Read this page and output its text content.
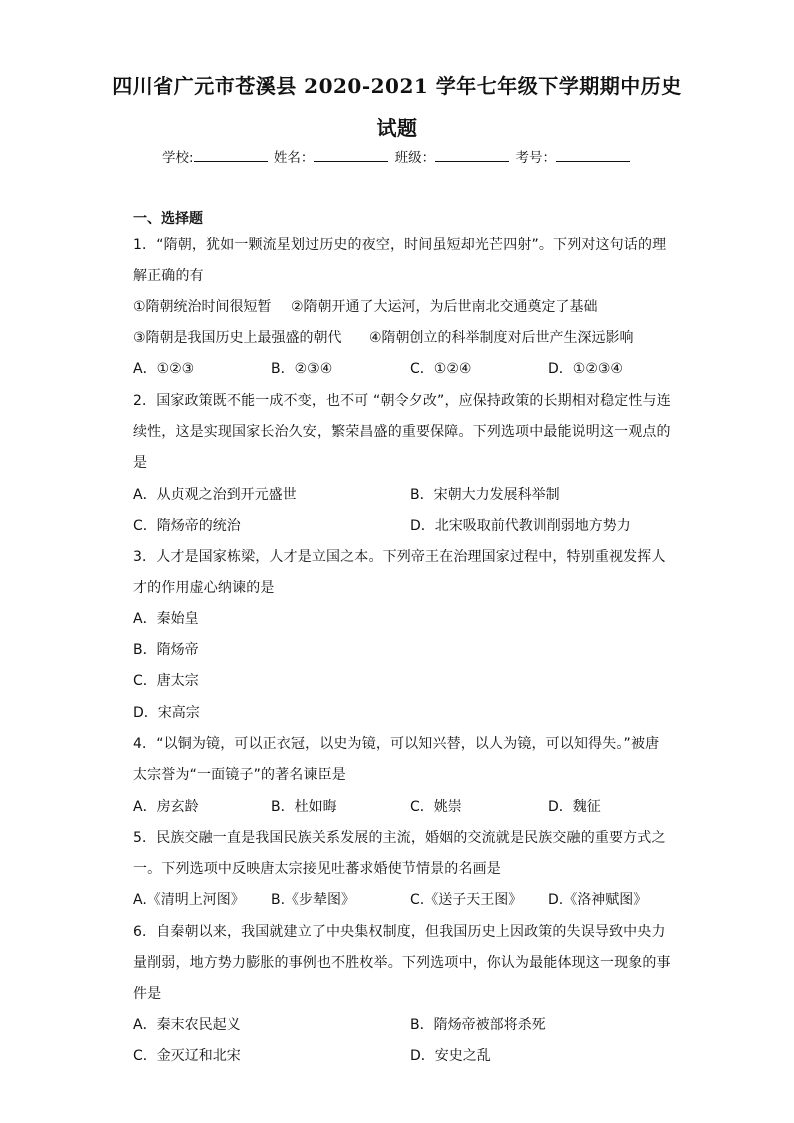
四川省广元市苍溪县 2020-2021 学年七年级下学期期中历史
试题
学校:	姓名：	班级：	考号：
一、选择题
1．“隋朝，犹如一颗流星划过历史的夜空，时间虽短却光芒四射”。下列对这句话的理
解正确的有
①隋朝统治时间很短暂 ②隋朝开通了大运河，为后世南北交通奠定了基础
③隋朝是我国历史上最强盛的朝代 ④隋朝创立的科举制度对后世产生深远影响
A．①②③	B．②③④	C．①②④	D．①②③④
2．国家政策既不能一成不变，也不可 “朝令夕改”，应保持政策的长期相对稳定性与连
续性，这是实现国家长治久安，繁荣昌盛的重要保障。下列选项中最能说明这一观点的
是
A．从贞观之治到开元盛世	B．宋朝大力发展科举制
C．隋炀帝的统治	D．北宋吸取前代教训削弱地方势力
3．人才是国家栋梁，人才是立国之本。下列帝王在治理国家过程中，特别重视发挥人
才的作用虚心纳谏的是
A．秦始皇
B．隋炀帝
C．唐太宗
D．宋高宗
4．“以铜为镜，可以正衣冠，以史为镜，可以知兴替，以人为镜，可以知得失。”被唐
太宗誉为“一面镜子”的著名谏臣是
A．房玄龄	B．杜如晦	C．姚崇	D．魏征
5．民族交融一直是我国民族关系发展的主流，婚姻的交流就是民族交融的重要方式之
一。下列选项中反映唐太宗接见吐蕃求婚使节情景的名画是
A.《清明上河图》 B.《步辇图》	C.《送子天王图》 D.《洛神赋图》
6．自秦朝以来，我国就建立了中央集权制度，但我国历史上因政策的失误导致中央力
量削弱，地方势力膨胀的事例也不胜枚举。下列选项中，你认为最能体现这一现象的事
件是
A．秦末农民起义	B．隋炀帝被部将杀死
C．金灭辽和北宋	D．安史之乱
